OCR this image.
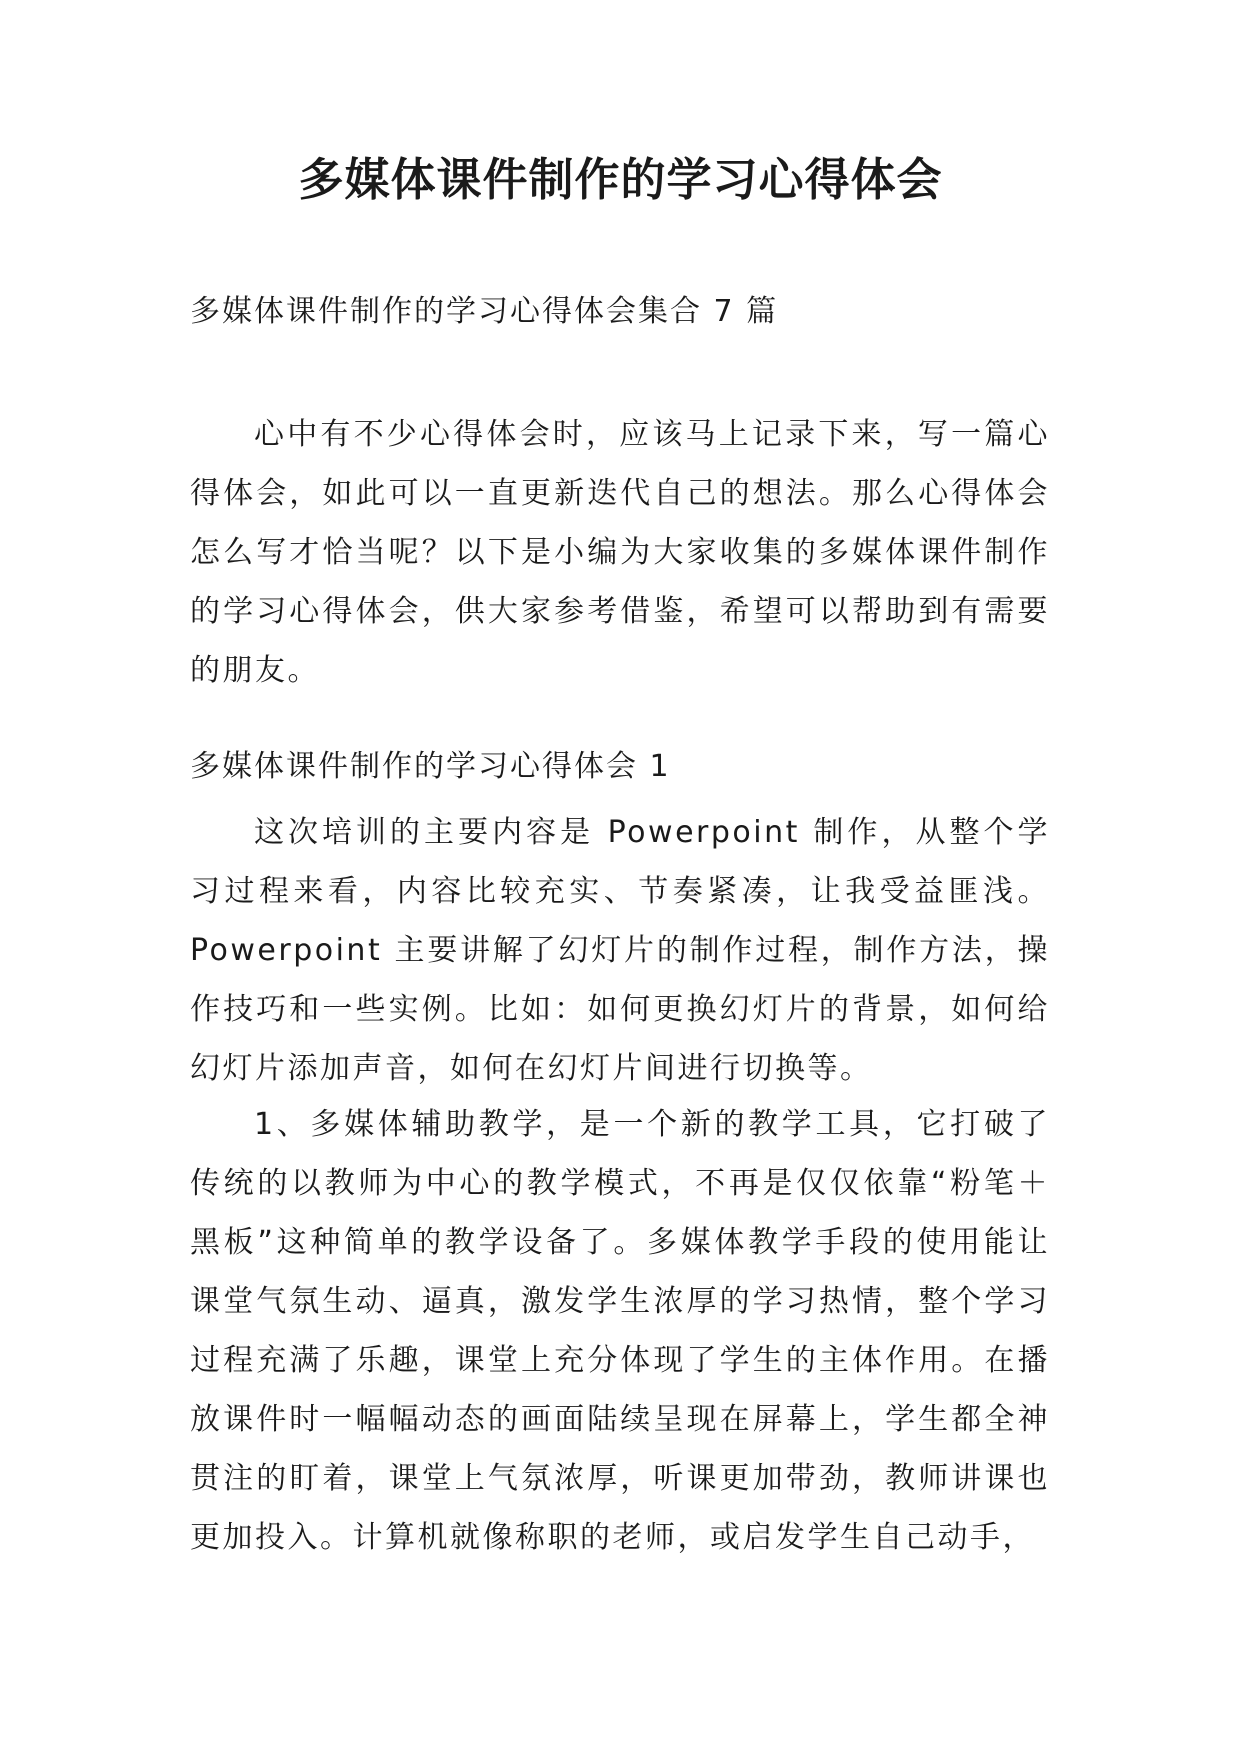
多媒体课件制作的学习心得体会

多媒体课件制作的学习心得体会集合 7 篇

心中有不少心得体会时，应该马上记录下来，写一篇心得体会，如此可以一直更新迭代自己的想法。那么心得体会怎么写才恰当呢？以下是小编为大家收集的多媒体课件制作的学习心得体会，供大家参考借鉴，希望可以帮助到有需要的朋友。

多媒体课件制作的学习心得体会 1

这次培训的主要内容是 Powerpoint 制作，从整个学习过程来看，内容比较充实、节奏紧凑，让我受益匪浅。Powerpoint 主要讲解了幻灯片的制作过程，制作方法，操作技巧和一些实例。比如：如何更换幻灯片的背景，如何给幻灯片添加声音，如何在幻灯片间进行切换等。

1、多媒体辅助教学，是一个新的教学工具，它打破了传统的以教师为中心的教学模式，不再是仅仅依靠“粉笔＋黑板”这种简单的教学设备了。多媒体教学手段的使用能让课堂气氛生动、逼真，激发学生浓厚的学习热情，整个学习过程充满了乐趣，课堂上充分体现了学生的主体作用。在播放课件时一幅幅动态的画面陆续呈现在屏幕上，学生都全神贯注的盯着，课堂上气氛浓厚，听课更加带劲，教师讲课也更加投入。计算机就像称职的老师，或启发学生自己动手，
